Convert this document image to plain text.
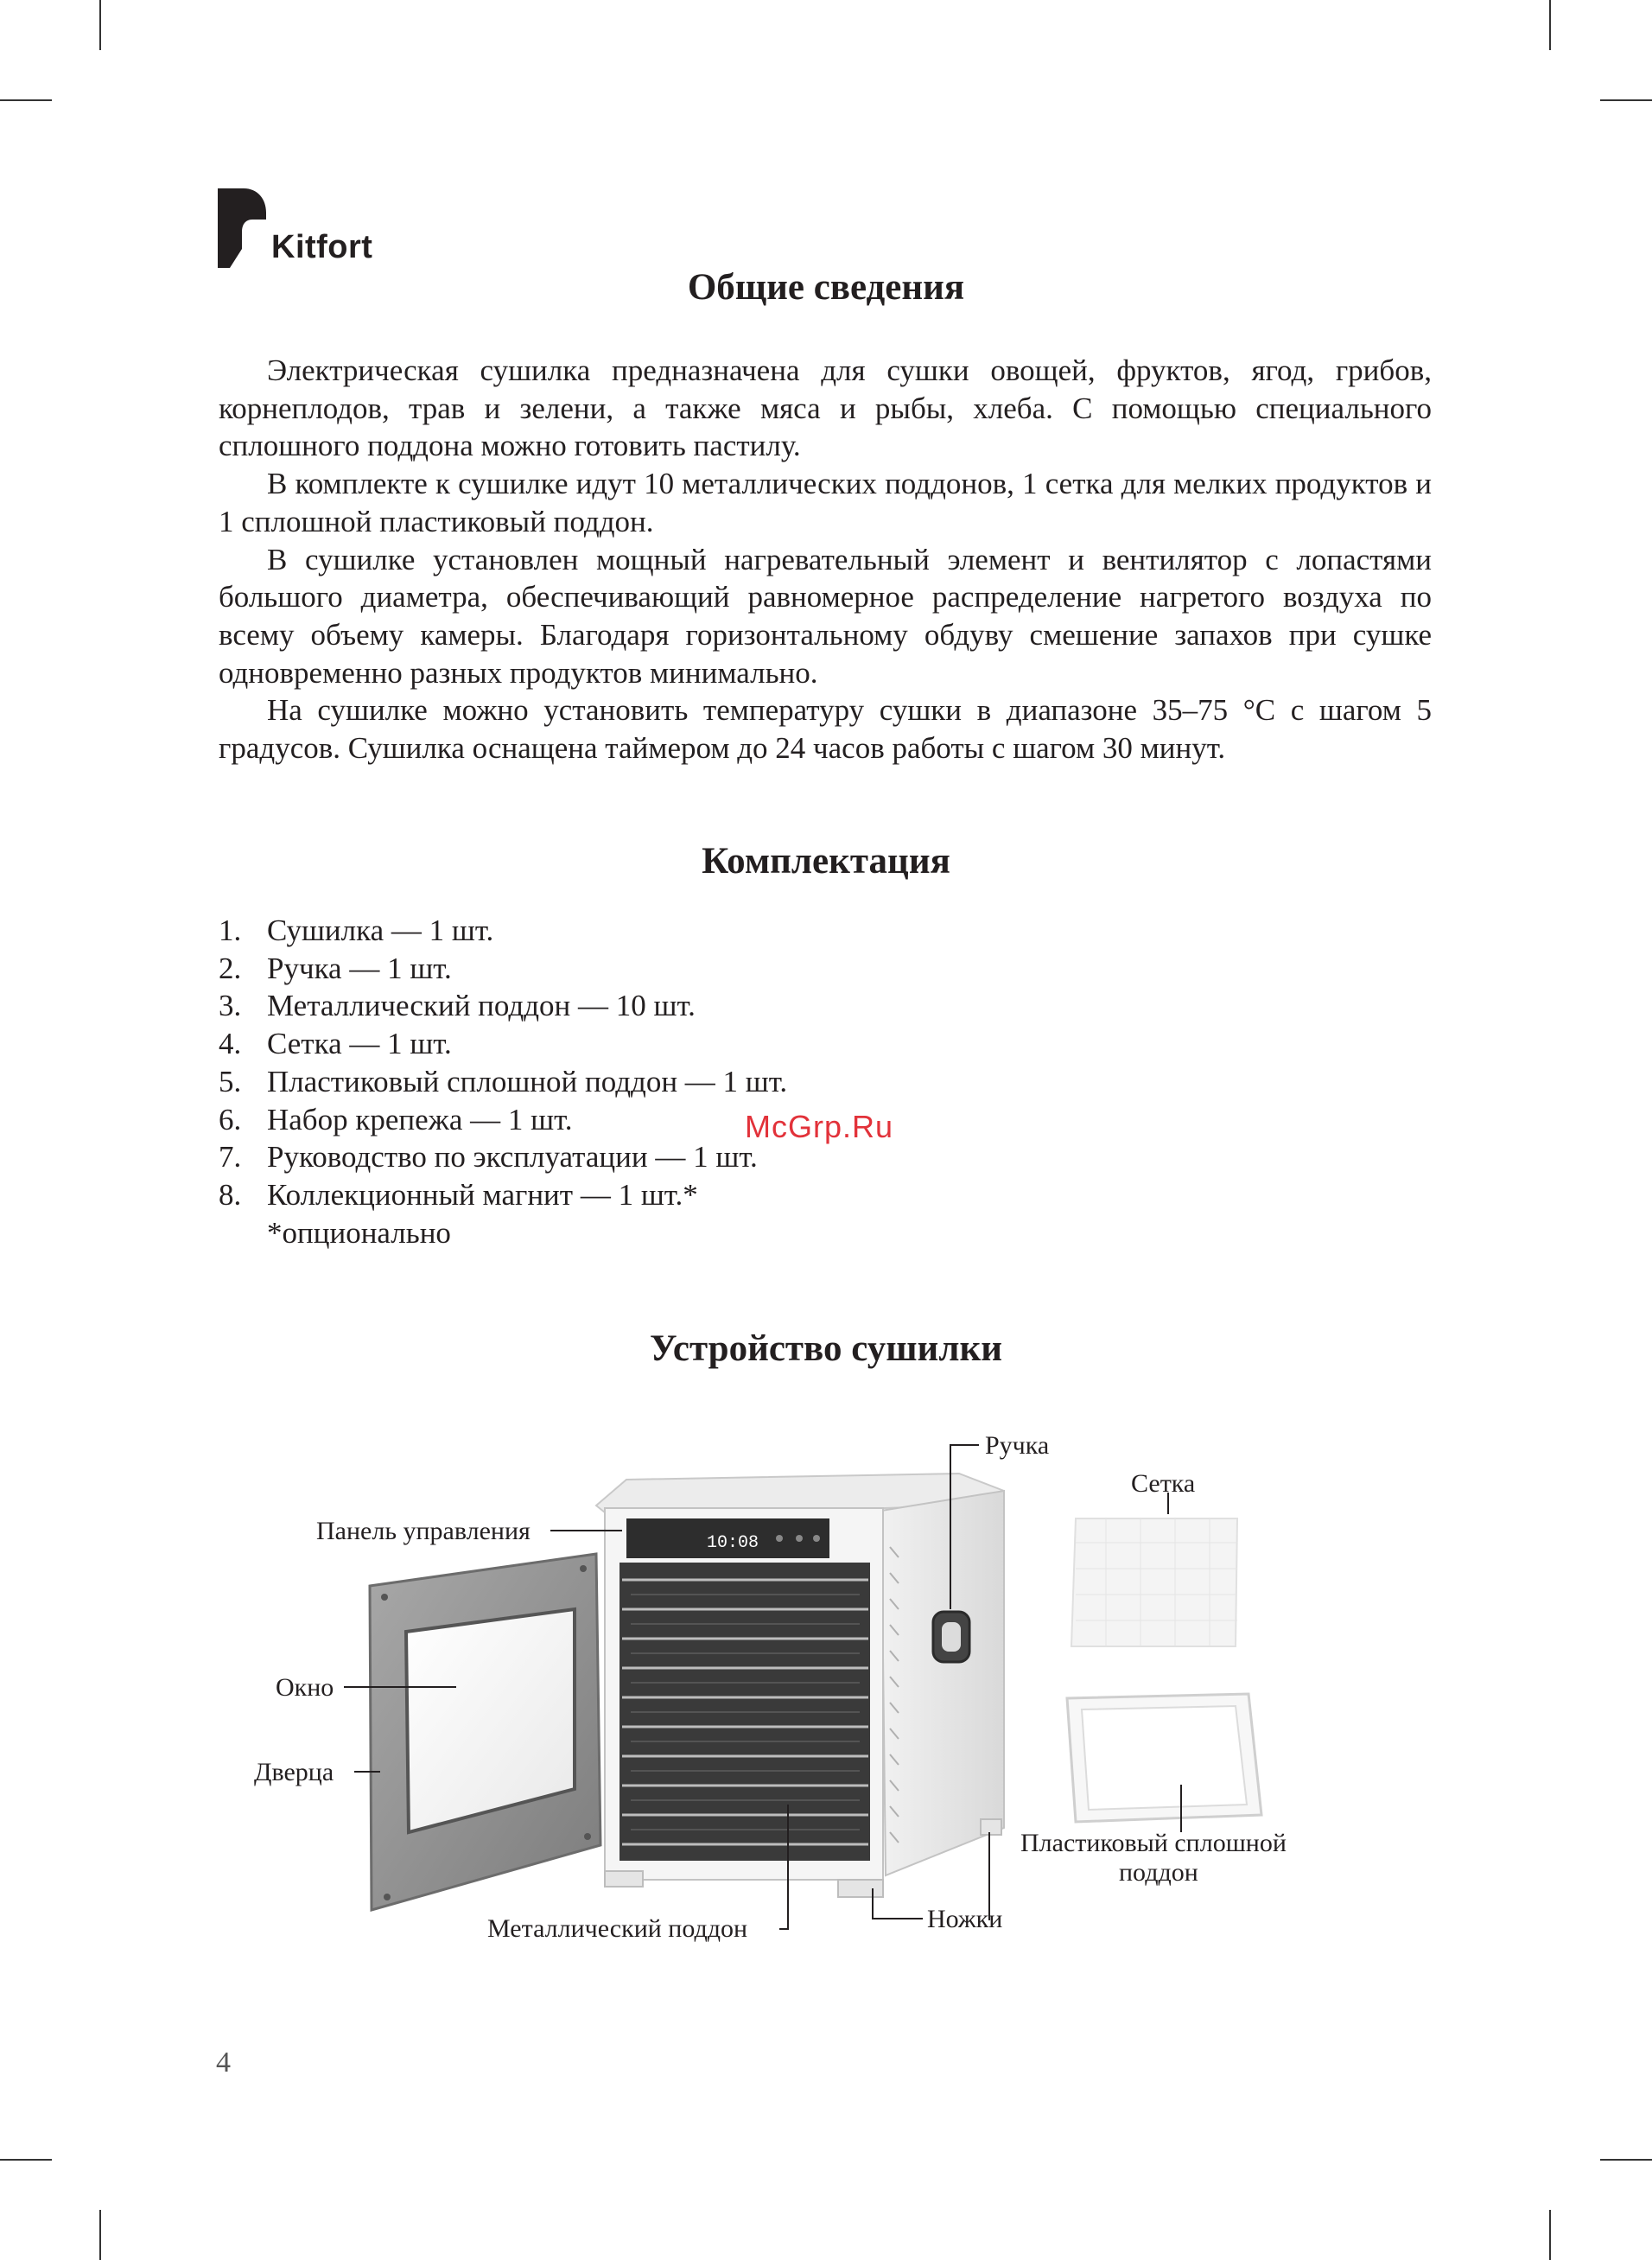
Kitfort
Общие сведения

Электрическая сушилка предназначена для сушки овощей, фруктов, ягод, грибов, корнеплодов, трав и зелени, а также мяса и рыбы, хлеба. С помощью специального сплошного поддона можно готовить пастилу.

В комплекте к сушилке идут 10 металлических поддонов, 1 сетка для мелких продуктов и 1 сплошной пластиковый поддон.

В сушилке установлен мощный нагревательный элемент и вентилятор с лопастями большого диаметра, обеспечивающий равномерное распределение нагретого воздуха по всему объему камеры. Благодаря горизонтальному обдуву смешение запахов при сушке одновременно разных продуктов минимально.

На сушилке можно установить температуру сушки в диапазоне 35–75 °C с шагом 5 градусов. Сушилка оснащена таймером до 24 часов работы с шагом 30 минут.

Комплектация
1. Сушилка — 1 шт.
2. Ручка — 1 шт.
3. Металлический поддон — 10 шт.
4. Сетка — 1 шт.
5. Пластиковый сплошной поддон — 1 шт.
6. Набор крепежа — 1 шт.
7. Руководство по эксплуатации — 1 шт.
8. Коллекционный магнит — 1 шт.*
*опционально
McGrp.Ru
Устройство сушилки
10:08
Ручка
Панель управления
Сетка
Окно
Дверца
Пластиковый сплошной
поддон
Металлический поддон	Ножки
4
